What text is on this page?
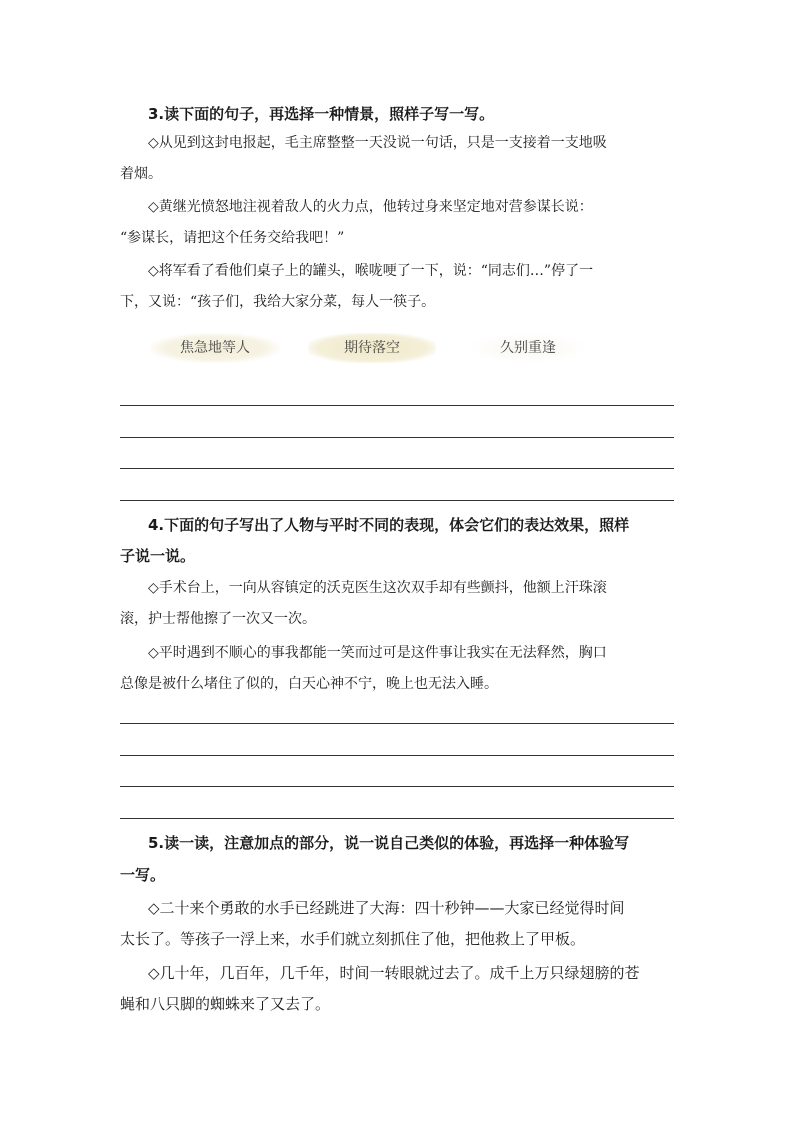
3.读下面的句子，再选择一种情景，照样子写一写。
◇从见到这封电报起，毛主席整整一天没说一句话，只是一支接着一支地吸
着烟。
◇黄继光愤怒地注视着敌人的火力点，他转过身来坚定地对营参谋长说：
“参谋长，请把这个任务交给我吧！”
◇将军看了看他们桌子上的罐头，喉咙哽了一下，说：“同志们…”停了一
下，又说：“孩子们，我给大家分菜，每人一筷子。
焦急地等人	期待落空	久别重逢
4.下面的句子写出了人物与平时不同的表现，体会它们的表达效果，照样
子说一说。
◇手术台上，一向从容镇定的沃克医生这次双手却有些颤抖，他额上汗珠滚
滚，护士帮他擦了一次又一次。
◇平时遇到不顺心的事我都能一笑而过可是这件事让我实在无法释然，胸口
总像是被什么堵住了似的，白天心神不宁，晚上也无法入睡。
5.读一读，注意加点的部分，说一说自己类似的体验，再选择一种体验写
一写。
◇二十来个勇敢的水手已经跳进了大海：四十秒钟——大家已经觉得时间
太长了。等孩子一浮上来，水手们就立刻抓住了他，把他救上了甲板。
◇几十年，几百年，几千年，时间一转眼就过去了。成千上万只绿翅膀的苍
蝇和八只脚的蜘蛛来了又去了。
